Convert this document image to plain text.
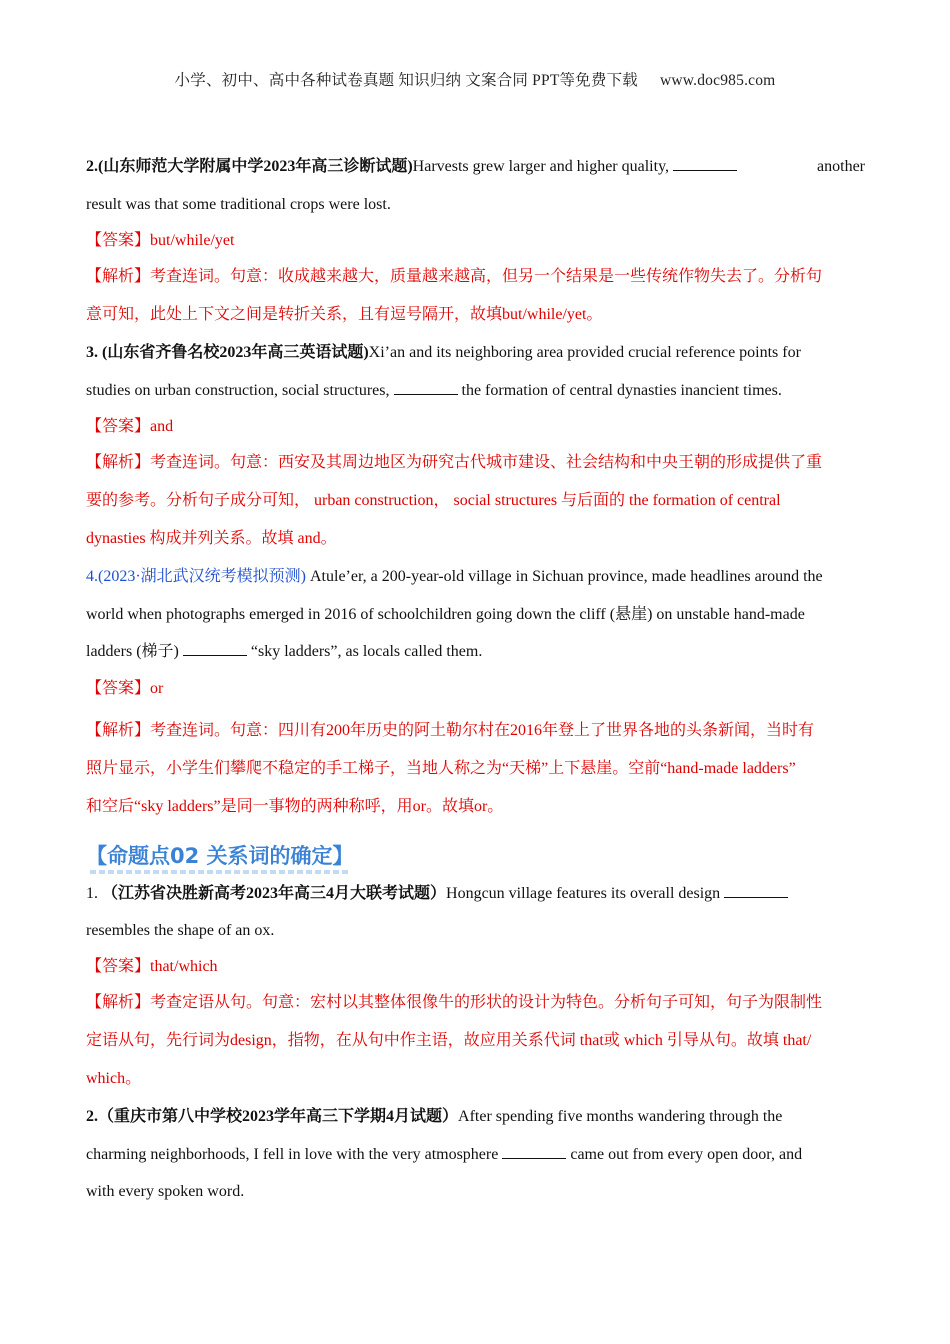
小学、初中、高中各种试卷真题 知识归纳 文案合同 PPT等免费下载 www.doc985.com
2.(山东师范大学附属中学2023年高三诊断试题)Harvests grew larger and higher quality,	another
result was that some traditional crops were lost.
【答案】but/while/yet
【解析】考查连词。句意：收成越来越大，质量越来越高，但另一个结果是一些传统作物失去了。分析句
意可知，此处上下文之间是转折关系，且有逗号隔开，故填but/while/yet。
3. (山东省齐鲁名校2023年高三英语试题)Xi’an and its neighboring area provided crucial reference points for
studies on urban construction, social structures,	the formation of central dynasties inancient times.
【答案】and
【解析】考查连词。句意：西安及其周边地区为研究古代城市建设、社会结构和中央王朝的形成提供了重
要的参考。分析句子成分可知， urban construction， social structures 与后面的 the formation of central
dynasties 构成并列关系。故填 and。
4.(2023·湖北武汉统考模拟预测) Atule’er, a 200-year-old village in Sichuan province, made headlines around the
world when photographs emerged in 2016 of schoolchildren going down the cliff (悬崖) on unstable hand-made
ladders (梯子)	“sky ladders”, as locals called them.
【答案】or
【解析】考查连词。句意：四川有200年历史的阿土勒尔村在2016年登上了世界各地的头条新闻，当时有
照片显示，小学生们攀爬不稳定的手工梯子，当地人称之为“天梯”上下悬崖。空前“hand-made ladders”
和空后“sky ladders”是同一事物的两种称呼，用or。故填or。
【命题点02 关系词的确定】
1. （江苏省决胜新高考2023年高三4月大联考试题）Hongcun village features its overall design
resembles the shape of an ox.
【答案】that/which
【解析】考查定语从句。句意：宏村以其整体很像牛的形状的设计为特色。分析句子可知，句子为限制性
定语从句，先行词为design，指物，在从句中作主语，故应用关系代词 that或 which 引导从句。故填 that/
which。
2.（重庆市第八中学校2023学年高三下学期4月试题）After spending five months wandering through the
charming neighborhoods, I fell in love with the very atmosphere	came out from every open door, and
with every spoken word.
